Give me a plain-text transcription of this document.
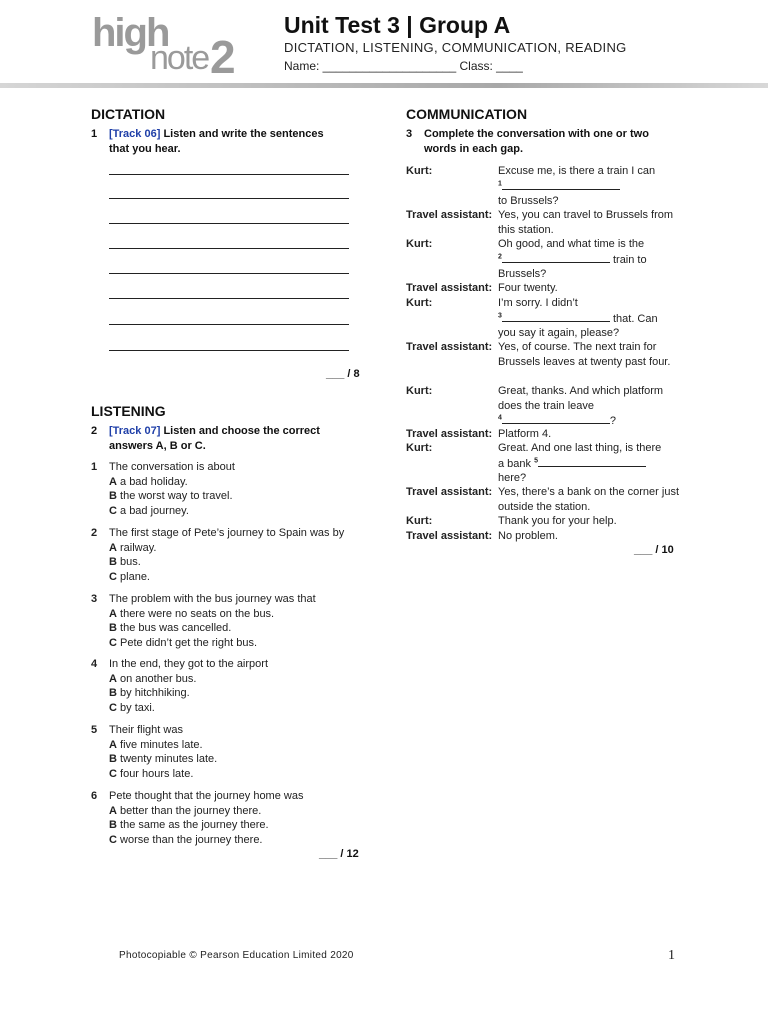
high
note 2
Unit Test 3 | Group A
DICTATION, LISTENING, COMMUNICATION, READING
Name: ____________________ Class: ____
DICTATION
1 [Track 06] Listen and write the sentences
that you hear.
___ / 8
LISTENING
2 [Track 07] Listen and choose the correct
answers A, B or C.
1 The conversation is about
A a bad holiday.
B the worst way to travel.
C a bad journey.
2 The first stage of Pete’s journey to Spain was by
A railway.
B bus.
C plane.
3 The problem with the bus journey was that
A there were no seats on the bus.
B the bus was cancelled.
C Pete didn’t get the right bus.
4 In the end, they got to the airport
A on another bus.
B by hitchhiking.
C by taxi.
5 Their flight was
A five minutes late.
B twenty minutes late.
C four hours late.
6 Pete thought that the journey home was
A better than the journey there.
B the same as the journey there.
C worse than the journey there.
___ / 12
COMMUNICATION
3 Complete the conversation with one or two
words in each gap.
Kurt:	Excuse me, is there a train I can
$^1$
to Brussels?
Travel assistant: Yes, you can travel to Brussels from this station.
Kurt:	Oh good, and what time is the
$^2$	train to
Brussels?
Travel assistant: Four twenty.
Kurt:	I’m sorry. I didn’t
$^3$	that. Can
you say it again, please?
Travel assistant: Yes, of course. The next train for Brussels leaves at twenty past four.
Kurt:	Great, thanks. And which platform
does the train leave
$^4$	?
Travel assistant: Platform 4.
Kurt:	Great. And one last thing, is there
a bank $^5$
here?
Travel assistant: Yes, there’s a bank on the corner just outside the station.
Kurt:	Thank you for your help.
Travel assistant: No problem.
___ / 10
Photocopiable © Pearson Education Limited 2020	1
